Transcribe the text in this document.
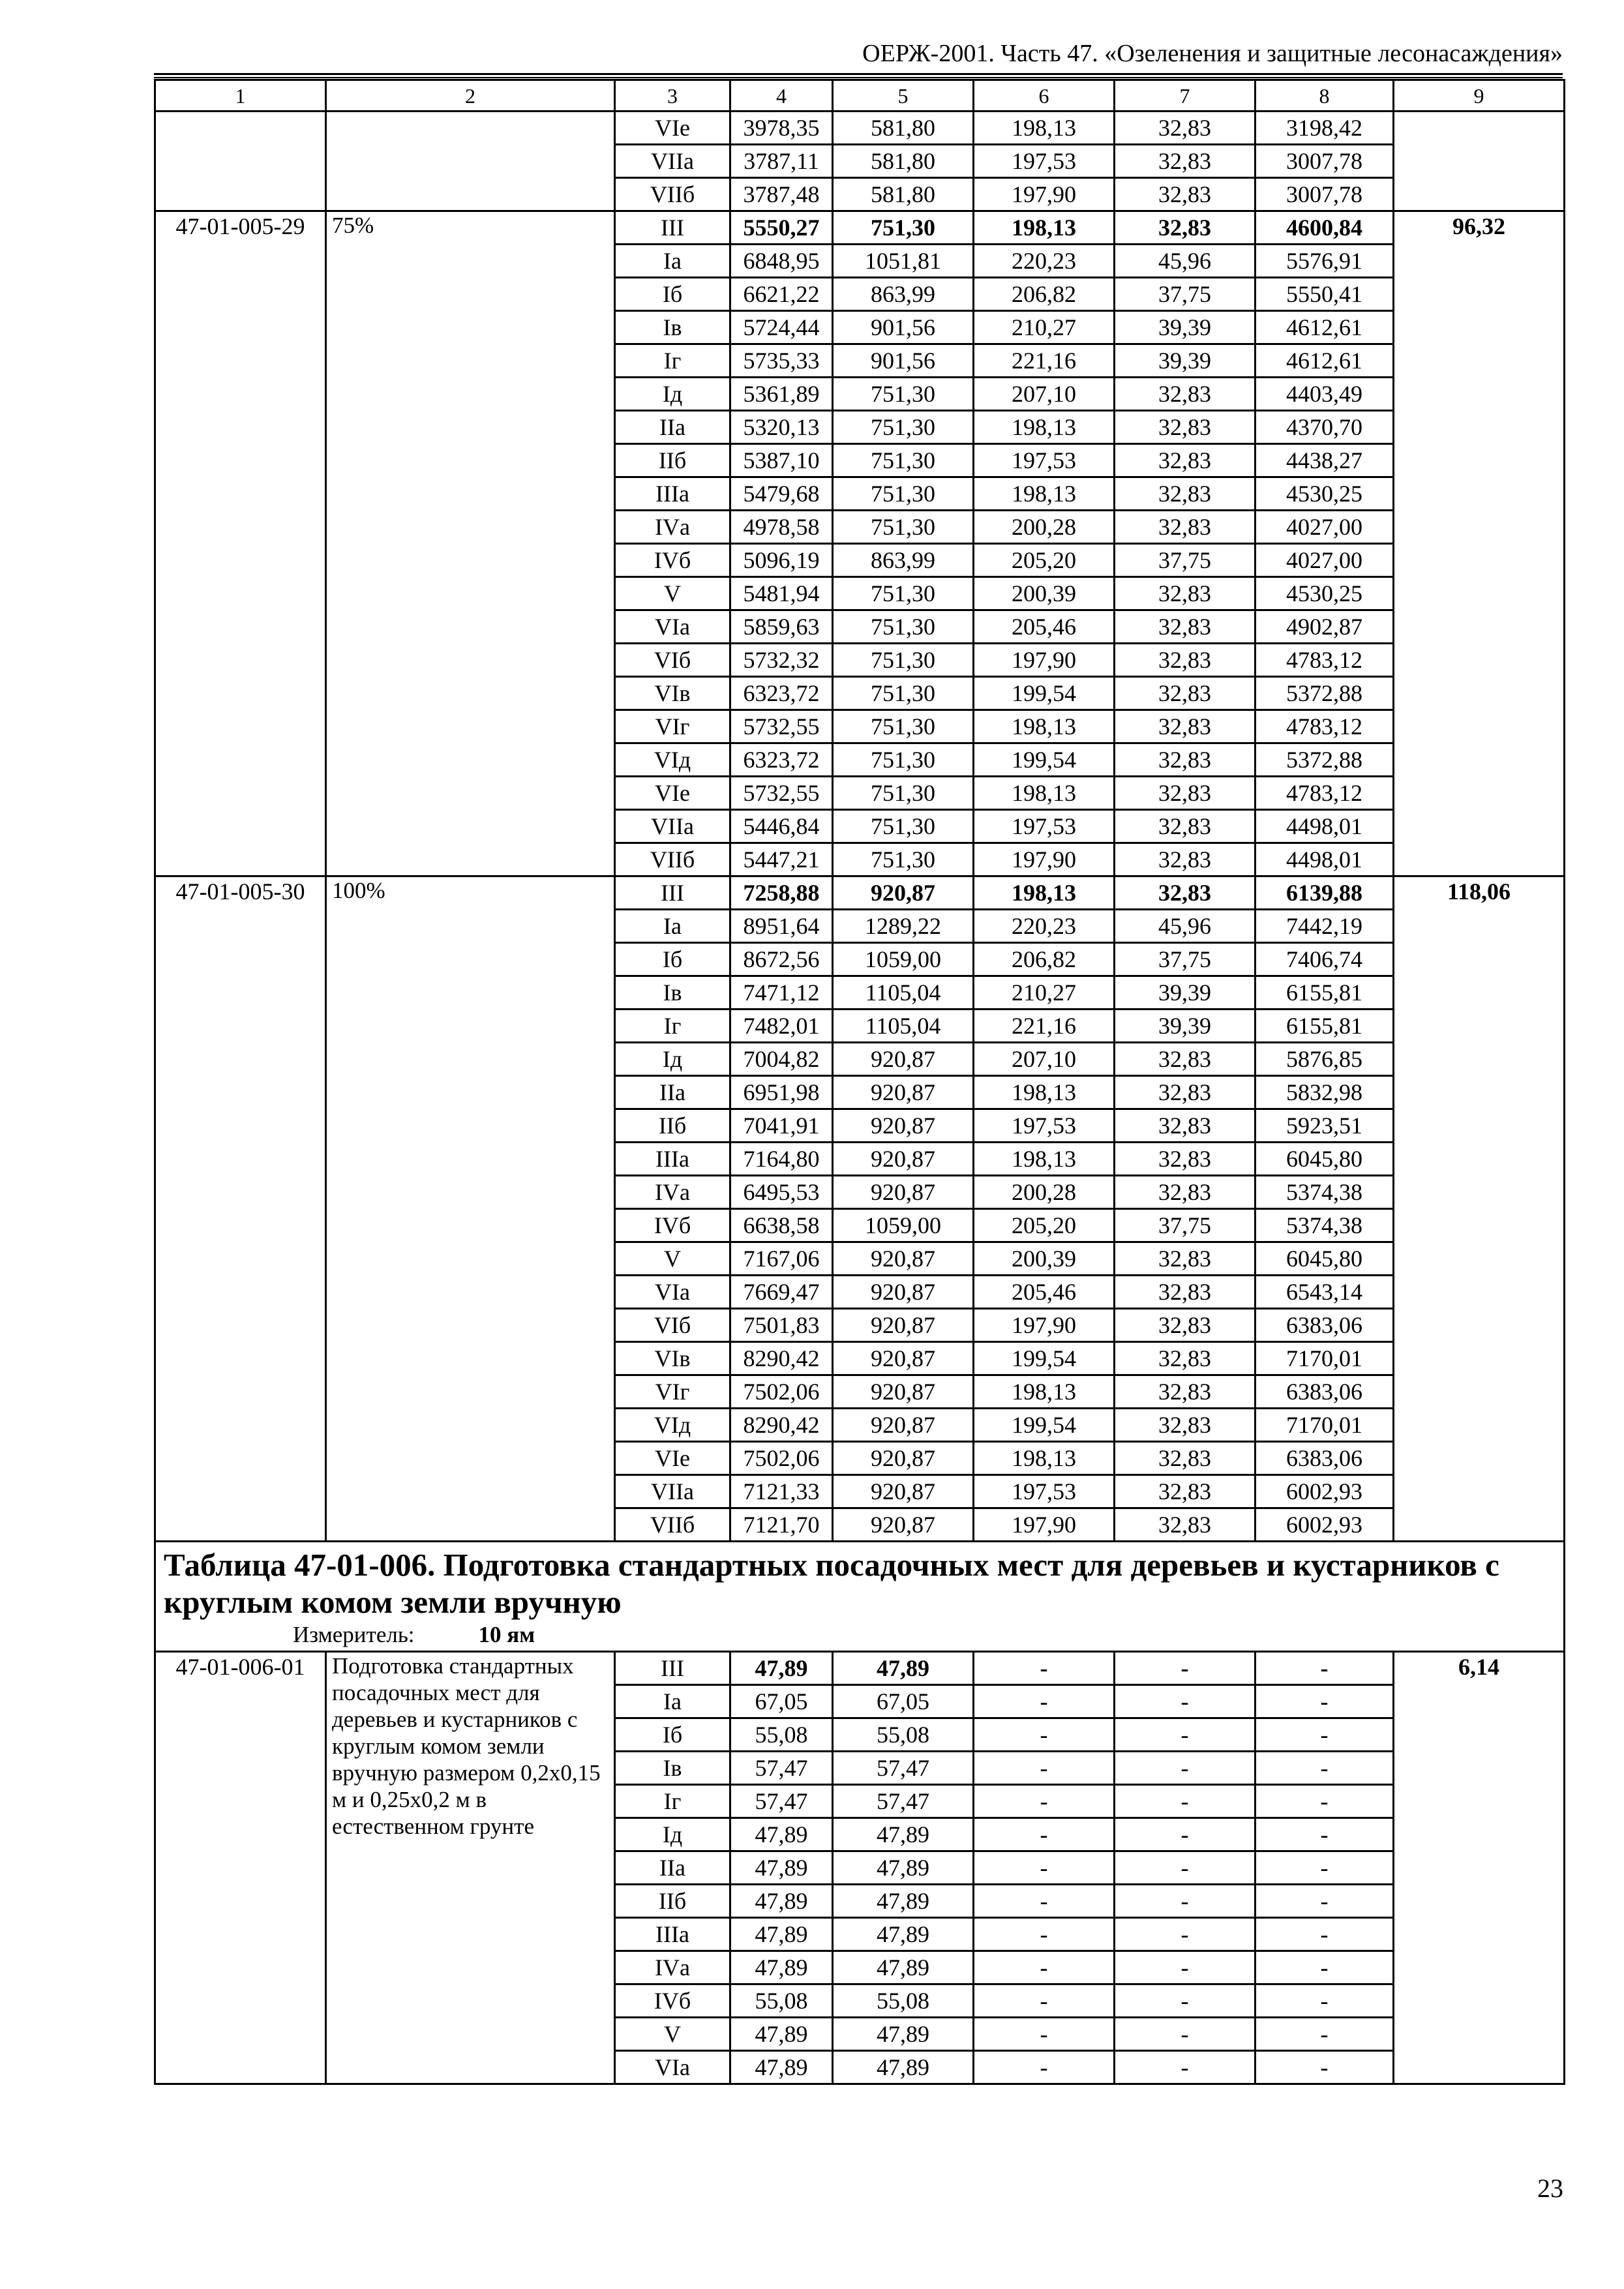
ОЕРЖ-2001. Часть 47. «Озеленения и защитные лесонасаждения»
1	2	3	4	5	6	7	8	9
		VIе	3978,35	581,80	198,13	32,83	3198,42	
		VIIа	3787,11	581,80	197,53	32,83	3007,78	
		VIIб	3787,48	581,80	197,90	32,83	3007,78	
47-01-005-29	75%	III	5550,27	751,30	198,13	32,83	4600,84	96,32
		Iа	6848,95	1051,81	220,23	45,96	5576,91	
		Iб	6621,22	863,99	206,82	37,75	5550,41	
		Iв	5724,44	901,56	210,27	39,39	4612,61	
		Iг	5735,33	901,56	221,16	39,39	4612,61	
		Iд	5361,89	751,30	207,10	32,83	4403,49	
		IIа	5320,13	751,30	198,13	32,83	4370,70	
		IIб	5387,10	751,30	197,53	32,83	4438,27	
		IIIа	5479,68	751,30	198,13	32,83	4530,25	
		IVа	4978,58	751,30	200,28	32,83	4027,00	
		IVб	5096,19	863,99	205,20	37,75	4027,00	
		V	5481,94	751,30	200,39	32,83	4530,25	
		VIа	5859,63	751,30	205,46	32,83	4902,87	
		VIб	5732,32	751,30	197,90	32,83	4783,12	
		VIв	6323,72	751,30	199,54	32,83	5372,88	
		VIг	5732,55	751,30	198,13	32,83	4783,12	
		VIд	6323,72	751,30	199,54	32,83	5372,88	
		VIе	5732,55	751,30	198,13	32,83	4783,12	
		VIIа	5446,84	751,30	197,53	32,83	4498,01	
		VIIб	5447,21	751,30	197,90	32,83	4498,01	
47-01-005-30	100%	III	7258,88	920,87	198,13	32,83	6139,88	118,06
		Iа	8951,64	1289,22	220,23	45,96	7442,19	
		Iб	8672,56	1059,00	206,82	37,75	7406,74	
		Iв	7471,12	1105,04	210,27	39,39	6155,81	
		Iг	7482,01	1105,04	221,16	39,39	6155,81	
		Iд	7004,82	920,87	207,10	32,83	5876,85	
		IIа	6951,98	920,87	198,13	32,83	5832,98	
		IIб	7041,91	920,87	197,53	32,83	5923,51	
		IIIа	7164,80	920,87	198,13	32,83	6045,80	
		IVа	6495,53	920,87	200,28	32,83	5374,38	
		IVб	6638,58	1059,00	205,20	37,75	5374,38	
		V	7167,06	920,87	200,39	32,83	6045,80	
		VIа	7669,47	920,87	205,46	32,83	6543,14	
		VIб	7501,83	920,87	197,90	32,83	6383,06	
		VIв	8290,42	920,87	199,54	32,83	7170,01	
		VIг	7502,06	920,87	198,13	32,83	6383,06	
		VIд	8290,42	920,87	199,54	32,83	7170,01	
		VIе	7502,06	920,87	198,13	32,83	6383,06	
		VIIа	7121,33	920,87	197,53	32,83	6002,93	
		VIIб	7121,70	920,87	197,90	32,83	6002,93	

Таблица 47-01-006. Подготовка стандартных посадочных мест для деревьев и кустарников с круглым комом земли вручную
Измеритель: 10 ям								

47-01-006-01	Подготовка стандартных посадочных мест для деревьев и кустарников с круглым комом земли вручную размером 0,2х0,15 м и 0,25х0,2 м в естественном грунте	III	47,89	47,89	-	-	-	6,14
		Iа	67,05	67,05	-	-	-	
		Iб	55,08	55,08	-	-	-	
		Iв	57,47	57,47	-	-	-	
		Iг	57,47	57,47	-	-	-	
		Iд	47,89	47,89	-	-	-	
		IIа	47,89	47,89	-	-	-	
		IIб	47,89	47,89	-	-	-	
		IIIа	47,89	47,89	-	-	-	
		IVа	47,89	47,89	-	-	-	
		IVб	55,08	55,08	-	-	-	
		V	47,89	47,89	-	-	-	
		VIа	47,89	47,89	-	-	-	
23
